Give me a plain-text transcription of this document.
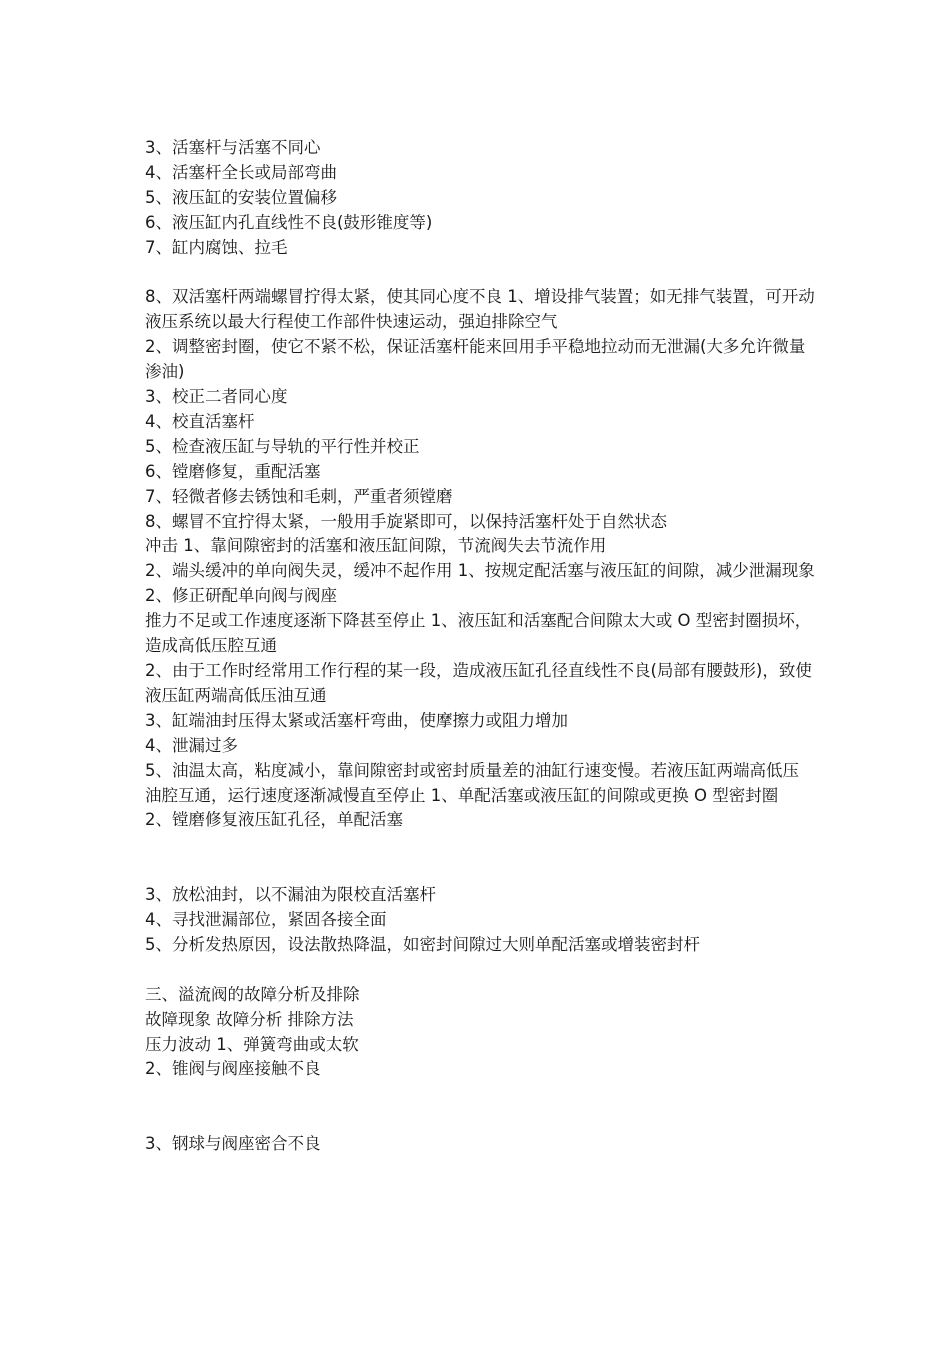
3、活塞杆与活塞不同心

4、活塞杆全长或局部弯曲

5、液压缸的安装位置偏移

6、液压缸内孔直线性不良(鼓形锥度等)

7、缸内腐蚀、拉毛

8、双活塞杆两端螺冒拧得太紧，使其同心度不良 1、增设排气装置；如无排气装置，可开动液压系统以最大行程使工作部件快速运动，强迫排除空气

2、调整密封圈，使它不紧不松，保证活塞杆能来回用手平稳地拉动而无泄漏(大多允许微量渗油)

3、校正二者同心度

4、校直活塞杆

5、检查液压缸与导轨的平行性并校正

6、镗磨修复，重配活塞

7、轻微者修去锈蚀和毛刺，严重者须镗磨

8、螺冒不宜拧得太紧，一般用手旋紧即可，以保持活塞杆处于自然状态

冲击 1、靠间隙密封的活塞和液压缸间隙，节流阀失去节流作用

2、端头缓冲的单向阀失灵，缓冲不起作用 1、按规定配活塞与液压缸的间隙，减少泄漏现象

2、修正研配单向阀与阀座

推力不足或工作速度逐渐下降甚至停止 1、液压缸和活塞配合间隙太大或 O 型密封圈损坏，造成高低压腔互通

2、由于工作时经常用工作行程的某一段，造成液压缸孔径直线性不良(局部有腰鼓形)，致使液压缸两端高低压油互通

3、缸端油封压得太紧或活塞杆弯曲，使摩擦力或阻力增加

4、泄漏过多

5、油温太高，粘度减小，靠间隙密封或密封质量差的油缸行速变慢。若液压缸两端高低压油腔互通，运行速度逐渐减慢直至停止 1、单配活塞或液压缸的间隙或更换 O 型密封圈

2、镗磨修复液压缸孔径，单配活塞

3、放松油封，以不漏油为限校直活塞杆

4、寻找泄漏部位，紧固各接全面

5、分析发热原因，设法散热降温，如密封间隙过大则单配活塞或增装密封杆

三、溢流阀的故障分析及排除

故障现象 故障分析 排除方法

压力波动 1、弹簧弯曲或太软

2、锥阀与阀座接触不良

3、钢球与阀座密合不良
